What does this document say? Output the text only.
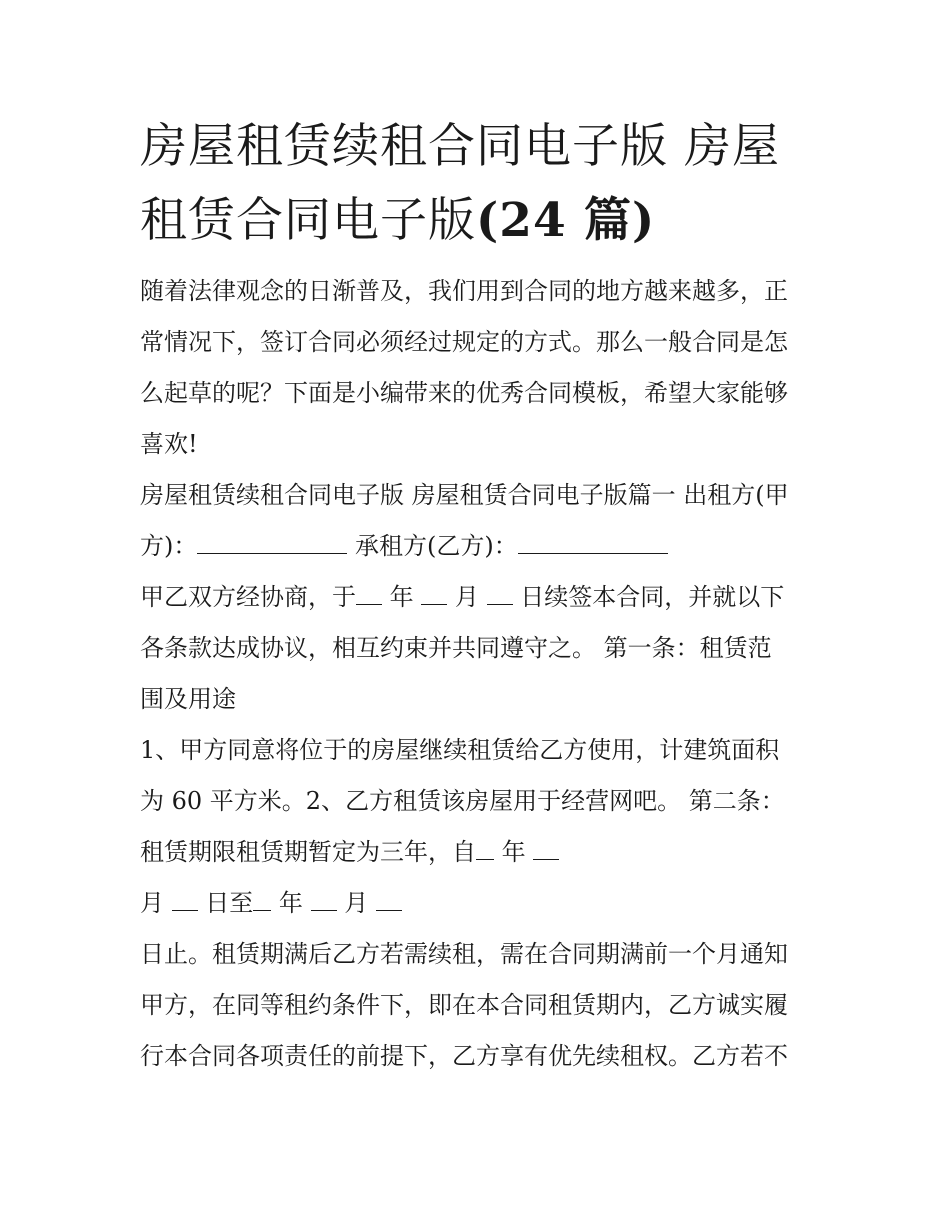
房屋租赁续租合同电子版 房屋
租赁合同电子版(24 篇)

随着法律观念的日渐普及，我们用到合同的地方越来越多，正

常情况下，签订合同必须经过规定的方式。那么一般合同是怎

么起草的呢？下面是小编带来的优秀合同模板，希望大家能够

喜欢!

房屋租赁续租合同电子版 房屋租赁合同电子版篇一 出租方(甲

方)：	承租方(乙方)：

甲乙双方经协商，于 年 月 日续签本合同，并就以下

各条款达成协议，相互约束并共同遵守之。 第一条：租赁范

围及用途

1、甲方同意将位于的房屋继续租赁给乙方使用，计建筑面积

为 60 平方米。2、乙方租赁该房屋用于经营网吧。 第二条：

租赁期限租赁期暂定为三年，自 年

月 日至 年 月

日止。租赁期满后乙方若需续租，需在合同期满前一个月通知

甲方，在同等租约条件下，即在本合同租赁期内，乙方诚实履

行本合同各项责任的前提下，乙方享有优先续租权。乙方若不
